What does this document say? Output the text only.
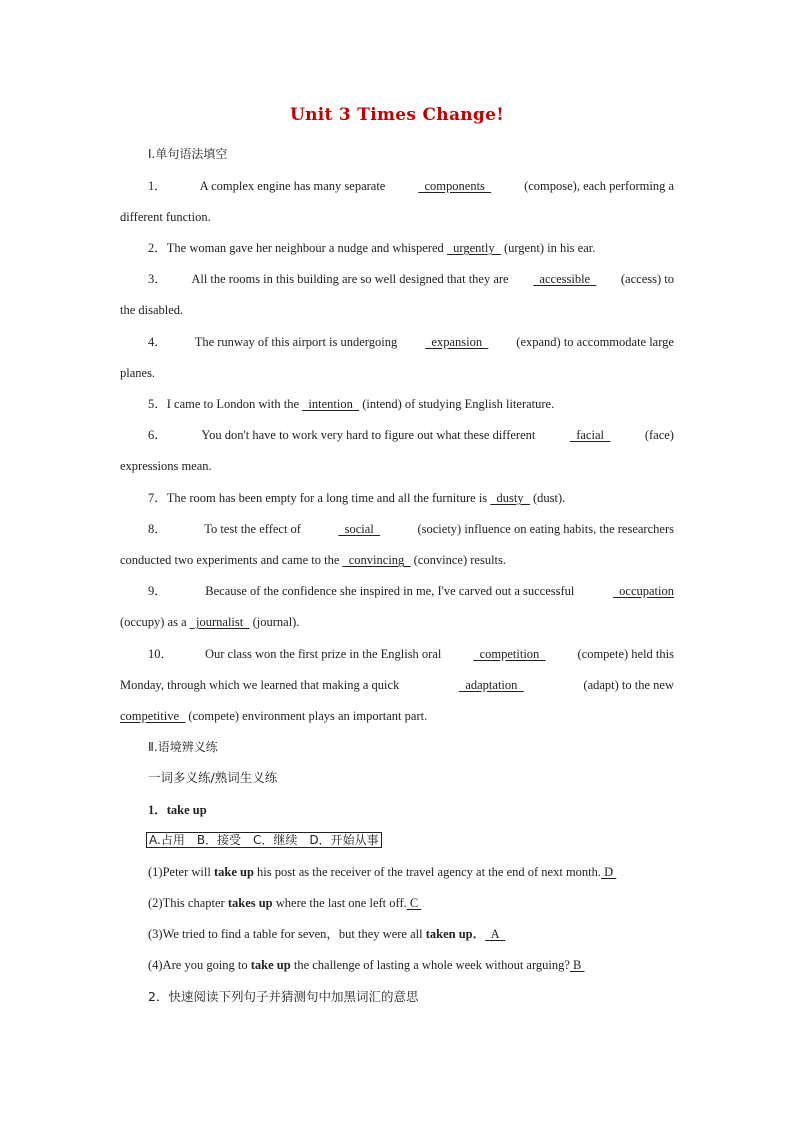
Unit 3 Times Change!
Ⅰ.单句语法填空
1．	A complex engine has many separate	components	(compose), each performing a
different function.
2．The woman gave her neighbour a nudge and whispered   urgently   (urgent) in his ear.
3． All the rooms in this building are so well designed that they are accessible (access) to
the disabled.
4． The runway of this airport is undergoing expansion (expand) to accommodate large
planes.
5．I came to London with the   intention   (intend) of studying English literature.
6．	You don't have to work very hard to figure out what these different	facial	(face)
expressions mean.
7．The room has been empty for a long time and all the furniture is   dusty   (dust).
8．	To test the effect of	social	(society) influence on eating habits, the researchers
conducted two experiments and came to the   convincing   (convince) results.
9．	Because of the confidence she inspired in me, I've carved out a successful	occupation
(occupy) as a   journalist   (journal).
10．	Our class won the first prize in the English oral	competition	(compete) held this
Monday, through which we learned that making a quick	adaptation	(adapt) to the new
competitive   (compete) environment plays an important part.
Ⅱ.语境辨义练
一词多义练/熟词生义练
1．take up
A.占用　B．接受　C．继续　D．开始从事
(1)Peter will take up his post as the receiver of the travel agency at the end of next month. D
(2)This chapter takes up where the last one left off. C
(3)We tried to find a table for seven，but they were all taken up．  A
(4)Are you going to take up the challenge of lasting a whole week without arguing? B
2．快速阅读下列句子并猜测句中加黑词汇的意思
